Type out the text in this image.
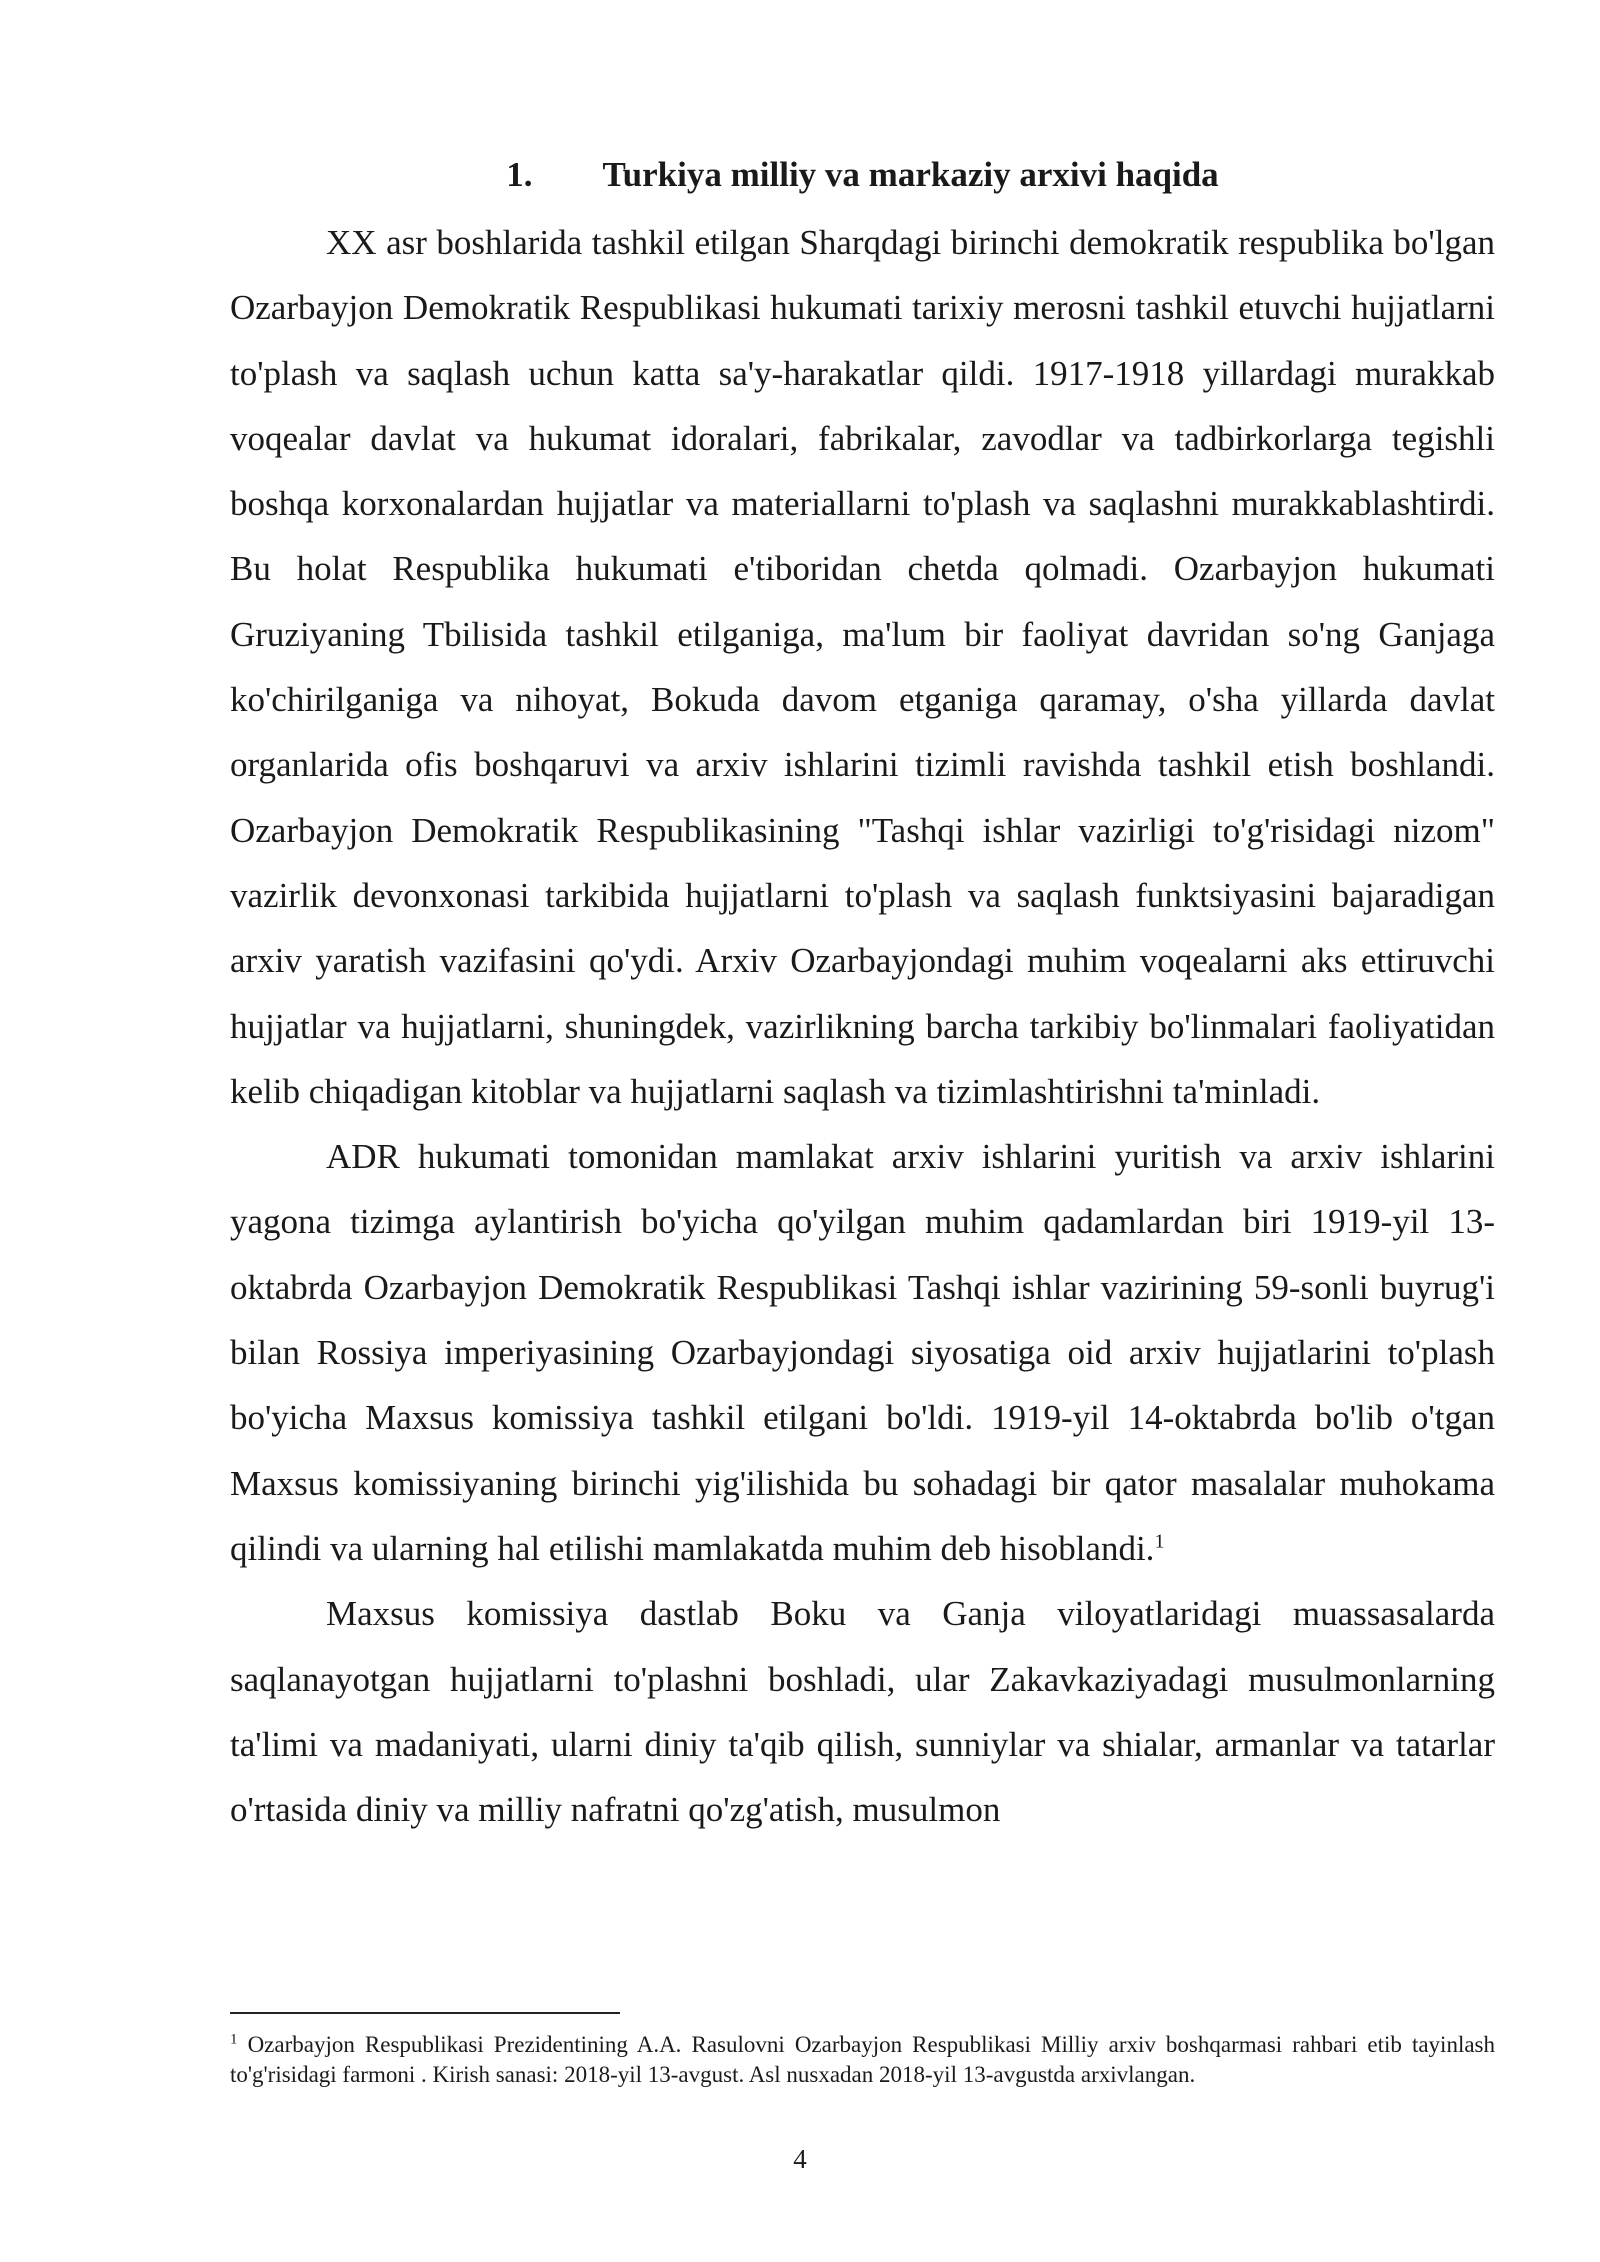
1. Turkiya milliy va markaziy arxivi haqida

XX asr boshlarida tashkil etilgan Sharqdagi birinchi demokratik respublika bo'lgan Ozarbayjon Demokratik Respublikasi hukumati tarixiy merosni tashkil etuvchi hujjatlarni to'plash va saqlash uchun katta sa'y-harakatlar qildi. 1917-1918 yillardagi murakkab voqealar davlat va hukumat idoralari, fabrikalar, zavodlar va tadbirkorlarga tegishli boshqa korxonalardan hujjatlar va materiallarni to'plash va saqlashni murakkablashtirdi. Bu holat Respublika hukumati e'tiboridan chetda qolmadi. Ozarbayjon hukumati Gruziyaning Tbilisida tashkil etilganiga, ma'lum bir faoliyat davridan so'ng Ganjaga ko'chirilganiga va nihoyat, Bokuda davom etganiga qaramay, o'sha yillarda davlat organlarida ofis boshqaruvi va arxiv ishlarini tizimli ravishda tashkil etish boshlandi. Ozarbayjon Demokratik Respublikasining "Tashqi ishlar vazirligi to'g'risidagi nizom" vazirlik devonxonasi tarkibida hujjatlarni to'plash va saqlash funktsiyasini bajaradigan arxiv yaratish vazifasini qo'ydi. Arxiv Ozarbayjondagi muhim voqealarni aks ettiruvchi hujjatlar va hujjatlarni, shuningdek, vazirlikning barcha tarkibiy bo'linmalari faoliyatidan kelib chiqadigan kitoblar va hujjatlarni saqlash va tizimlashtirishni ta'minladi.

ADR hukumati tomonidan mamlakat arxiv ishlarini yuritish va arxiv ishlarini yagona tizimga aylantirish bo'yicha qo'yilgan muhim qadamlardan biri 1919-yil 13-oktabrda Ozarbayjon Demokratik Respublikasi Tashqi ishlar vazirining 59-sonli buyrug'i bilan Rossiya imperiyasining Ozarbayjondagi siyosatiga oid arxiv hujjatlarini to'plash bo'yicha Maxsus komissiya tashkil etilgani bo'ldi. 1919-yil 14-oktabrda bo'lib o'tgan Maxsus komissiyaning birinchi yig'ilishida bu sohadagi bir qator masalalar muhokama qilindi va ularning hal etilishi mamlakatda muhim deb hisoblandi.$^1$

Maxsus komissiya dastlab Boku va Ganja viloyatlaridagi muassasalarda saqlanayotgan hujjatlarni to'plashni boshladi, ular Zakavkaziyadagi musulmonlarning ta'limi va madaniyati, ularni diniy ta'qib qilish, sunniylar va shialar, armanlar va tatarlar o'rtasida diniy va milliy nafratni qo'zg'atish, musulmon

$^1$ Ozarbayjon Respublikasi Prezidentining A.A. Rasulovni Ozarbayjon Respublikasi Milliy arxiv boshqarmasi rahbari etib tayinlash to'g'risidagi farmoni . Kirish sanasi: 2018-yil 13-avgust. Asl nusxadan 2018-yil 13-avgustda arxivlangan.

4
